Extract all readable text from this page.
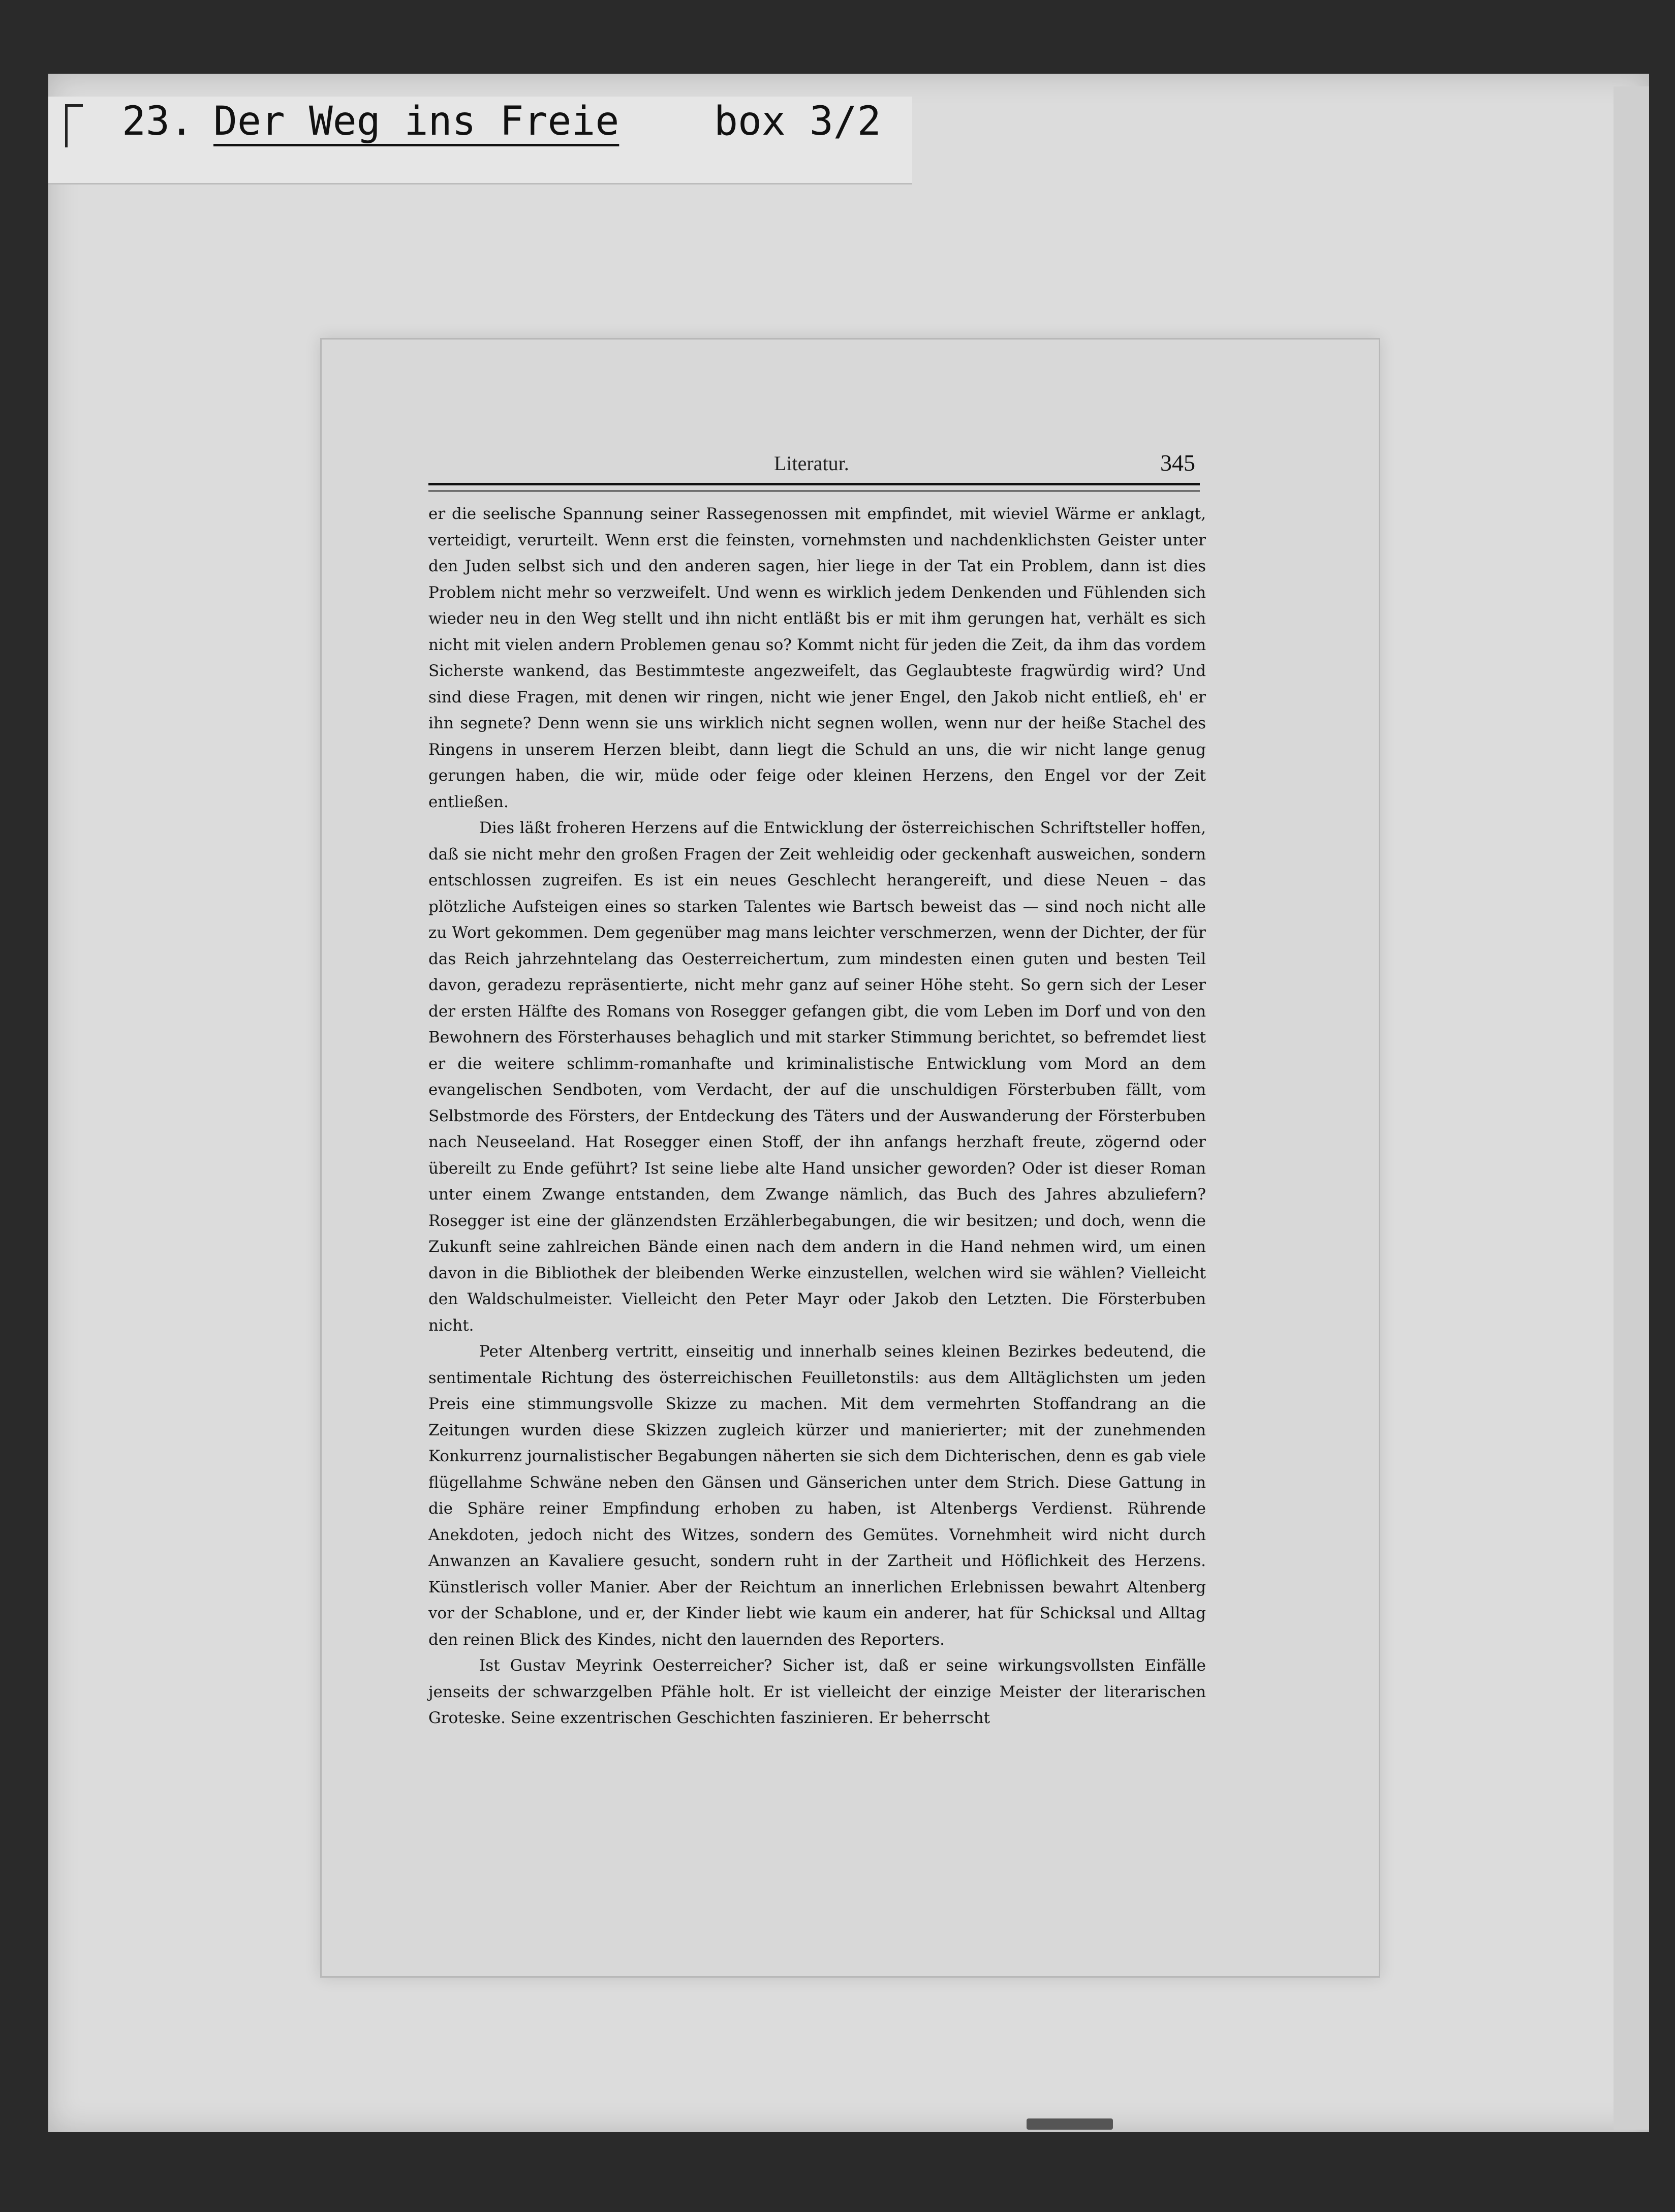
23. Der Weg ins Freie box 3/2
Literatur.	345

er die seelische Spannung seiner Rassegenossen mit empfindet, mit wieviel Wärme er anklagt, verteidigt, verurteilt. Wenn erst die feinsten, vornehmsten und nachdenklichsten Geister unter den Juden selbst sich und den anderen sagen, hier liege in der Tat ein Problem, dann ist dies Problem nicht mehr so verzweifelt. Und wenn es wirklich jedem Denkenden und Fühlenden sich wieder neu in den Weg stellt und ihn nicht entläßt bis er mit ihm gerungen hat, verhält es sich nicht mit vielen andern Problemen genau so? Kommt nicht für jeden die Zeit, da ihm das vordem Sicherste wankend, das Bestimmteste angezweifelt, das Geglaubteste fragwürdig wird? Und sind diese Fragen, mit denen wir ringen, nicht wie jener Engel, den Jakob nicht entließ, eh' er ihn segnete? Denn wenn sie uns wirklich nicht segnen wollen, wenn nur der heiße Stachel des Ringens in unserem Herzen bleibt, dann liegt die Schuld an uns, die wir nicht lange genug gerungen haben, die wir, müde oder feige oder kleinen Herzens, den Engel vor der Zeit entließen.

Dies läßt froheren Herzens auf die Entwicklung der österreichischen Schriftsteller hoffen, daß sie nicht mehr den großen Fragen der Zeit wehleidig oder geckenhaft ausweichen, sondern entschlossen zugreifen. Es ist ein neues Geschlecht herangereift, und diese Neuen – das plötzliche Aufsteigen eines so starken Talentes wie Bartsch beweist das — sind noch nicht alle zu Wort gekommen. Dem gegenüber mag mans leichter verschmerzen, wenn der Dichter, der für das Reich jahrzehntelang das Oesterreichertum, zum mindesten einen guten und besten Teil davon, geradezu repräsentierte, nicht mehr ganz auf seiner Höhe steht. So gern sich der Leser der ersten Hälfte des Romans von Rosegger gefangen gibt, die vom Leben im Dorf und von den Bewohnern des Försterhauses behaglich und mit starker Stimmung berichtet, so befremdet liest er die weitere schlimm-romanhafte und kriminalistische Entwicklung vom Mord an dem evangelischen Sendboten, vom Verdacht, der auf die unschuldigen Försterbuben fällt, vom Selbstmorde des Försters, der Entdeckung des Täters und der Auswanderung der Försterbuben nach Neuseeland. Hat Rosegger einen Stoff, der ihn anfangs herzhaft freute, zögernd oder übereilt zu Ende geführt? Ist seine liebe alte Hand unsicher geworden? Oder ist dieser Roman unter einem Zwange entstanden, dem Zwange nämlich, das Buch des Jahres abzuliefern? Rosegger ist eine der glänzendsten Erzählerbegabungen, die wir besitzen; und doch, wenn die Zukunft seine zahlreichen Bände einen nach dem andern in die Hand nehmen wird, um einen davon in die Bibliothek der bleibenden Werke einzustellen, welchen wird sie wählen? Vielleicht den Waldschulmeister. Vielleicht den Peter Mayr oder Jakob den Letzten. Die Försterbuben nicht.

Peter Altenberg vertritt, einseitig und innerhalb seines kleinen Bezirkes bedeutend, die sentimentale Richtung des österreichischen Feuilletonstils: aus dem Alltäglichsten um jeden Preis eine stimmungsvolle Skizze zu machen. Mit dem vermehrten Stoffandrang an die Zeitungen wurden diese Skizzen zugleich kürzer und manierierter; mit der zunehmenden Konkurrenz journalistischer Begabungen näherten sie sich dem Dichterischen, denn es gab viele flügellahme Schwäne neben den Gänsen und Gänserichen unter dem Strich. Diese Gattung in die Sphäre reiner Empfindung erhoben zu haben, ist Altenbergs Verdienst. Rührende Anekdoten, jedoch nicht des Witzes, sondern des Gemütes. Vornehmheit wird nicht durch Anwanzen an Kavaliere gesucht, sondern ruht in der Zartheit und Höflichkeit des Herzens. Künstlerisch voller Manier. Aber der Reichtum an innerlichen Erlebnissen bewahrt Altenberg vor der Schablone, und er, der Kinder liebt wie kaum ein anderer, hat für Schicksal und Alltag den reinen Blick des Kindes, nicht den lauernden des Reporters.

Ist Gustav Meyrink Oesterreicher? Sicher ist, daß er seine wirkungsvollsten Einfälle jenseits der schwarzgelben Pfähle holt. Er ist vielleicht der einzige Meister der literarischen Groteske. Seine exzentrischen Geschichten faszinieren. Er beherrscht
